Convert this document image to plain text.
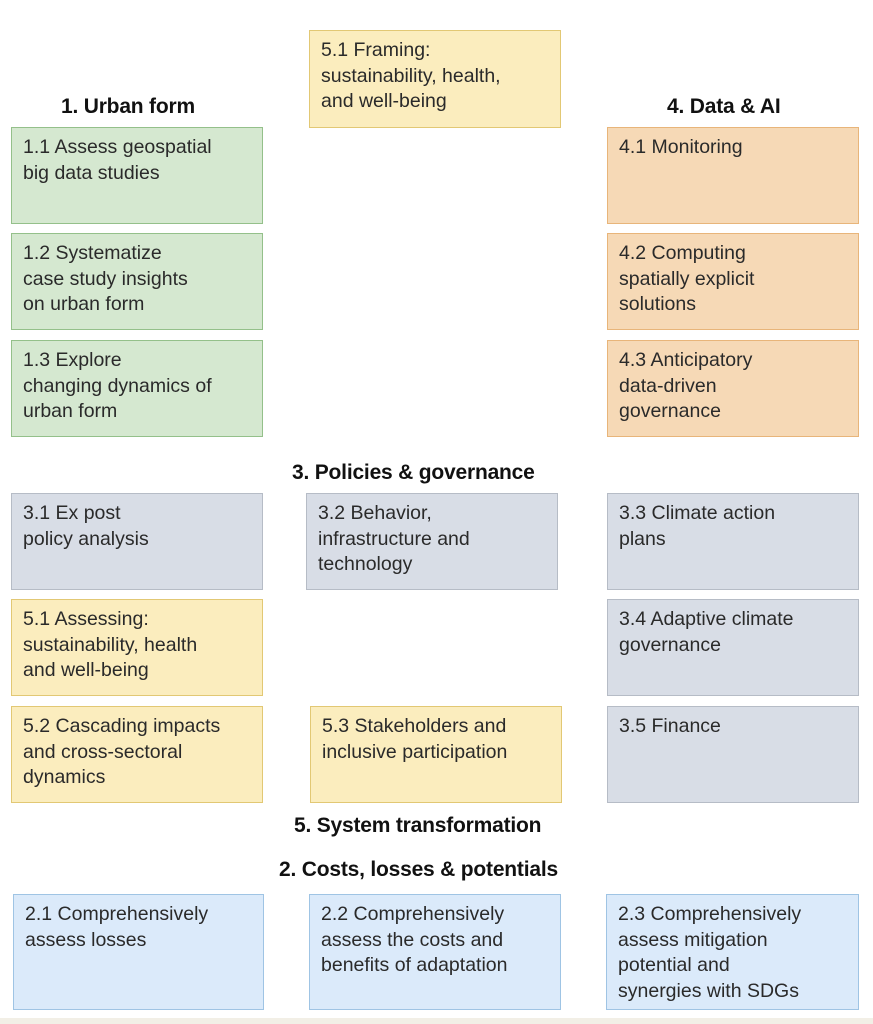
1. Urban form	4. Data & AI
3. Policies & governance
5. System transformation
2. Costs, losses & potentials
5.1 Framing:
sustainability, health,
and well-being
1.1 Assess geospatial
big data studies
1.2 Systematize
case study insights
on urban form
1.3 Explore
changing dynamics of
urban form
4.1 Monitoring
4.2 Computing
spatially explicit
solutions
4.3 Anticipatory
data-driven
governance
3.1 Ex post
policy analysis
3.2 Behavior,
infrastructure and
technology
3.3 Climate action
plans
3.4 Adaptive climate
governance
3.5 Finance
5.1 Assessing:
sustainability, health
and well-being
5.2 Cascading impacts
and cross-sectoral
dynamics
5.3 Stakeholders and
inclusive participation
2.1 Comprehensively
assess losses
2.2 Comprehensively
assess the costs and
benefits of adaptation
2.3 Comprehensively
assess mitigation
potential and
synergies with SDGs
